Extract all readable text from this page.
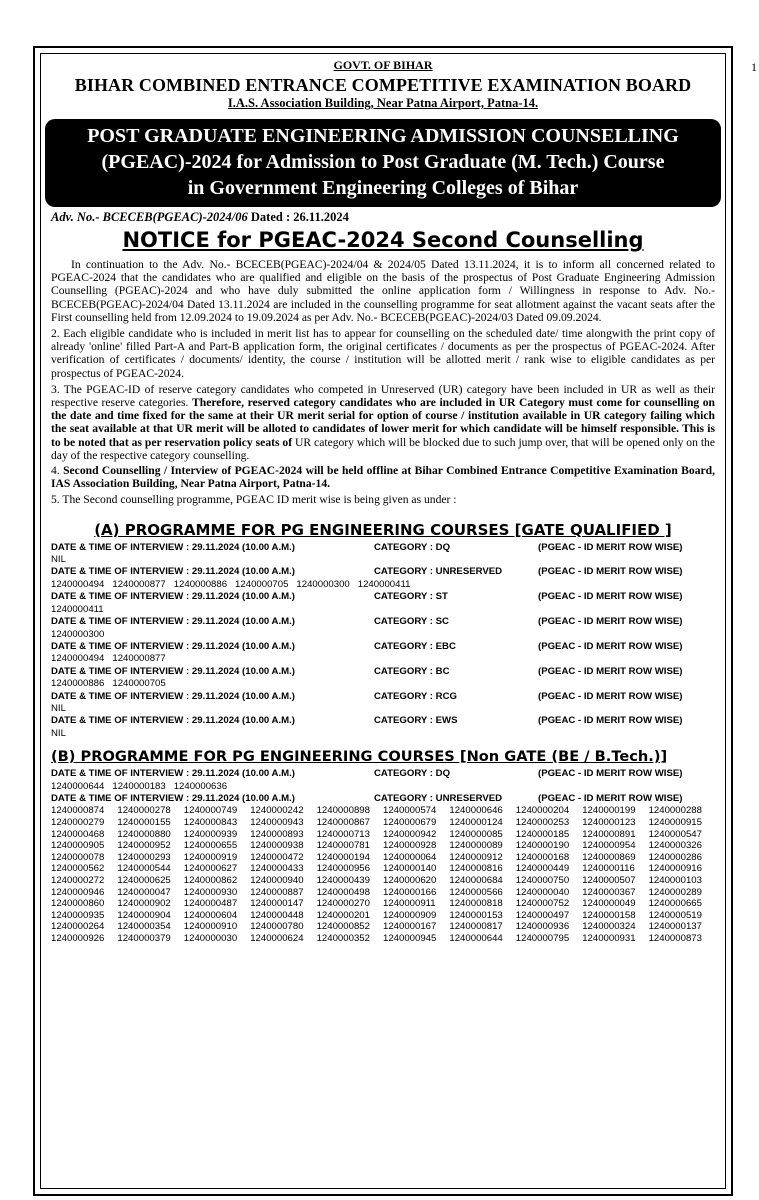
1
GOVT. OF BIHAR
BIHAR COMBINED ENTRANCE COMPETITIVE EXAMINATION BOARD
I.A.S. Association Building, Near Patna Airport, Patna-14.
POST GRADUATE ENGINEERING ADMISSION COUNSELLING
(PGEAC)-2024 for Admission to Post Graduate (M. Tech.) Course
in Government Engineering Colleges of Bihar
Adv. No.- BCECEB(PGEAC)-2024/06 Dated : 26.11.2024
NOTICE for PGEAC-2024 Second Counselling
In continuation to the Adv. No.- BCECEB(PGEAC)-2024/04 & 2024/05 Dated 13.11.2024, it is to inform all concerned related to PGEAC-2024 that the candidates who are qualified and eligible on the basis of the prospectus of Post Graduate Engineering Admission Counselling (PGEAC)-2024 and who have duly submitted the online application form / Willingness in response to Adv. No.- BCECEB(PGEAC)-2024/04 Dated 13.11.2024 are included in the counselling programme for seat allotment against the vacant seats after the First counselling held from 12.09.2024 to 19.09.2024 as per Adv. No.- BCECEB(PGEAC)-2024/03 Dated 09.09.2024.
2. Each eligible candidate who is included in merit list has to appear for counselling on the scheduled date/ time alongwith the print copy of already 'online' filled Part-A and Part-B application form, the original certificates / documents as per the prospectus of PGEAC-2024. After verification of certificates / documents/ identity, the course / institution will be allotted merit / rank wise to eligible candidates as per prospectus of PGEAC-2024.
3. The PGEAC-ID of reserve category candidates who competed in Unreserved (UR) category have been included in UR as well as their respective reserve categories. Therefore, reserved category candidates who are included in UR Category must come for counselling on the date and time fixed for the same at their UR merit serial for option of course / institution available in UR category failing which the seat available at that UR merit will be alloted to candidates of lower merit for which candidate will be himself responsible. This is to be noted that as per reservation policy seats of UR category which will be blocked due to such jump over, that will be opened only on the day of the respective category counselling.
4. Second Counselling / Interview of PGEAC-2024 will be held offline at Bihar Combined Entrance Competitive Examination Board, IAS Association Building, Near Patna Airport, Patna-14.
5. The Second counselling programme, PGEAC ID merit wise is being given as under :
(A) PROGRAMME FOR PG ENGINEERING COURSES [GATE QUALIFIED ]
DATE & TIME OF INTERVIEW : 29.11.2024 (10.00 A.M.)	CATEGORY : DQ	(PGEAC - ID MERIT ROW WISE)
NIL
DATE & TIME OF INTERVIEW : 29.11.2024 (10.00 A.M.)	CATEGORY : UNRESERVED	(PGEAC - ID MERIT ROW WISE)
1240000494   1240000877   1240000886   1240000705   1240000300   1240000411
DATE & TIME OF INTERVIEW : 29.11.2024 (10.00 A.M.)	CATEGORY : ST	(PGEAC - ID MERIT ROW WISE)
1240000411
DATE & TIME OF INTERVIEW : 29.11.2024 (10.00 A.M.)	CATEGORY : SC	(PGEAC - ID MERIT ROW WISE)
1240000300
DATE & TIME OF INTERVIEW : 29.11.2024 (10.00 A.M.)	CATEGORY : EBC	(PGEAC - ID MERIT ROW WISE)
1240000494   1240000877
DATE & TIME OF INTERVIEW : 29.11.2024 (10.00 A.M.)	CATEGORY : BC	(PGEAC - ID MERIT ROW WISE)
1240000886   1240000705
DATE & TIME OF INTERVIEW : 29.11.2024 (10.00 A.M.)	CATEGORY : RCG	(PGEAC - ID MERIT ROW WISE)
NIL
DATE & TIME OF INTERVIEW : 29.11.2024 (10.00 A.M.)	CATEGORY : EWS	(PGEAC - ID MERIT ROW WISE)
NIL
(B) PROGRAMME FOR PG ENGINEERING COURSES [Non GATE (BE / B.Tech.)]
DATE & TIME OF INTERVIEW : 29.11.2024 (10.00 A.M.)	CATEGORY : DQ	(PGEAC - ID MERIT ROW WISE)
1240000644   1240000183   1240000636
DATE & TIME OF INTERVIEW : 29.11.2024 (10.00 A.M.)	CATEGORY : UNRESERVED	(PGEAC - ID MERIT ROW WISE)
1240000874	1240000278	1240000749	1240000242	1240000898	1240000574	1240000646	1240000204	1240000199	1240000288
1240000279	1240000155	1240000843	1240000943	1240000867	1240000679	1240000124	1240000253	1240000123	1240000915
1240000468	1240000880	1240000939	1240000893	1240000713	1240000942	1240000085	1240000185	1240000891	1240000547
1240000905	1240000952	1240000655	1240000938	1240000781	1240000928	1240000089	1240000190	1240000954	1240000326
1240000078	1240000293	1240000919	1240000472	1240000194	1240000064	1240000912	1240000168	1240000869	1240000286
1240000562	1240000544	1240000627	1240000433	1240000956	1240000140	1240000816	1240000449	1240000116	1240000916
1240000272	1240000625	1240000862	1240000940	1240000439	1240000620	1240000684	1240000750	1240000507	1240000103
1240000946	1240000047	1240000930	1240000887	1240000498	1240000166	1240000566	1240000040	1240000367	1240000289
1240000860	1240000902	1240000487	1240000147	1240000270	1240000911	1240000818	1240000752	1240000049	1240000665
1240000935	1240000904	1240000604	1240000448	1240000201	1240000909	1240000153	1240000497	1240000158	1240000519
1240000264	1240000354	1240000910	1240000780	1240000852	1240000167	1240000817	1240000936	1240000324	1240000137
1240000926	1240000379	1240000030	1240000624	1240000352	1240000945	1240000644	1240000795	1240000931	1240000873
